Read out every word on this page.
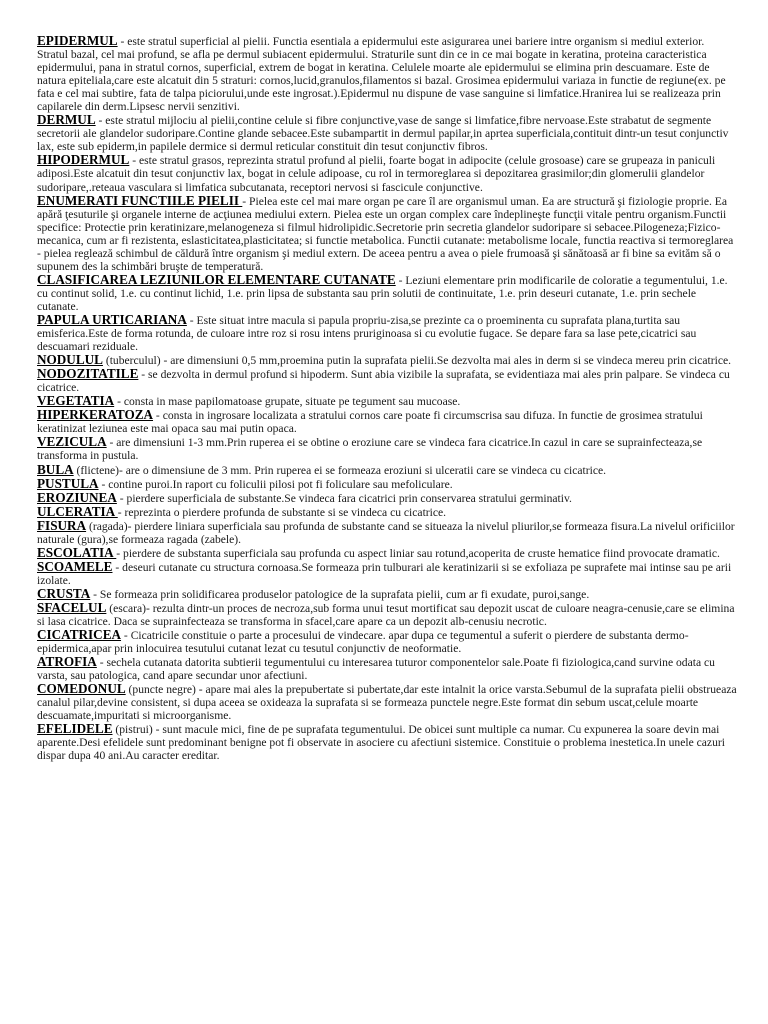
EPIDERMUL - este stratul superficial al pielii. Functia esentiala a epidermului este asigurarea unei bariere intre organism si mediul exterior. Stratul bazal, cel mai profund, se afla pe dermul subiacent epidermului. Straturile sunt din ce in ce mai bogate in keratina, proteina caracteristica epidermului, pana in stratul cornos, superficial, extrem de bogat in keratina. Celulele moarte ale epidermului se elimina prin descuamare. Este de natura epiteliala,care este alcatuit din 5 straturi: cornos,lucid,granulos,filamentos si bazal. Grosimea epidermului variaza in functie de regiune(ex. pe fata e cel mai subtire, fata de talpa piciorului,unde este ingrosat.).Epidermul nu dispune de vase sanguine si limfatice.Hranirea lui se realizeaza prin capilarele din derm.Lipsesc nervii senzitivi.

DERMUL - este stratul mijlociu al pielii,contine celule si fibre conjunctive,vase de sange si limfatice,fibre nervoase.Este strabatut de segmente secretorii ale glandelor sudoripare.Contine glande sebacee.Este subampartit in dermul papilar,in aprtea superficiala,contituit dintr-un tesut conjunctiv lax, este sub epiderm,in papilele dermice si dermul reticular constituit din tesut conjunctiv fibros.

HIPODERMUL - este stratul grasos, reprezinta stratul profund al pielii, foarte bogat in adipocite (celule grosoase) care se grupeaza in paniculi adiposi.Este alcatuit din tesut conjunctiv lax, bogat in celule adipoase, cu rol in termoreglarea si depozitarea grasimilor;din glomerulii glandelor sudoripare,.reteaua vasculara si limfatica subcutanata, receptori nervosi si fascicule conjunctive.

ENUMERATI FUNCTIILE PIELII - Pielea este cel mai mare organ pe care îl are organismul uman. Ea are structură şi fiziologie proprie. Ea apără ţesuturile şi organele interne de acţiunea mediului extern. Pielea este un organ complex care îndeplineşte funcţii vitale pentru organism.Functii specifice: Protectie prin keratinizare,melanogeneza si filmul hidrolipidic.Secretorie prin secretia glandelor sudoripare si sebacee.Pilogeneza;Fizico-mecanica, cum ar fi rezistenta, eslasticitatea,plasticitatea; si functie metabolica. Functii cutanate: metabolisme locale, functia reactiva si termoreglarea - pielea reglează schimbul de căldură între organism şi mediul extern. De aceea pentru a avea o piele frumoasă şi sănătoasă ar fi bine sa evităm să o supunem des la schimbări bruşte de temperatură.

CLASIFICAREA LEZIUNILOR ELEMENTARE CUTANATE - Leziuni elementare prin modificarile de coloratie a tegumentului, 1.e. cu continut solid, 1.e. cu continut lichid, 1.e. prin lipsa de substanta sau prin solutii de continuitate, 1.e. prin deseuri cutanate, 1.e. prin sechele cutanate.

PAPULA URTICARIANA - Este situat intre macula si papula propriu-zisa,se prezinte ca o proeminenta cu suprafata plana,turtita sau emisferica.Este de forma rotunda, de culoare intre roz si rosu intens pruriginoasa si cu evolutie fugace. Se depare fara sa lase pete,cicatrici sau descuamari reziduale.

NODULUL (tuberculul) - are dimensiuni 0,5 mm,proemina putin la suprafata pielii.Se dezvolta mai ales in derm si se vindeca mereu prin cicatrice.

NODOZITATILE - se dezvolta in dermul profund si hipoderm. Sunt abia vizibile la suprafata, se evidentiaza mai ales prin palpare. Se vindeca cu cicatrice.

VEGETATIA - consta in mase papilomatoase grupate, situate pe tegument sau mucoase.

HIPERKERATOZA - consta in ingrosare localizata a stratului cornos care poate fi circumscrisa sau difuza. In functie de grosimea stratului keratinizat leziunea este mai opaca sau mai putin opaca.

VEZICULA - are dimensiuni 1-3 mm.Prin ruperea ei se obtine o eroziune care se vindeca fara cicatrice.In cazul in care se suprainfecteaza,se transforma in pustula.

BULA (flictene)- are o dimensiune de 3 mm. Prin ruperea ei se formeaza eroziuni si ulceratii care se vindeca cu cicatrice.

PUSTULA - contine puroi.In raport cu foliculii pilosi pot fi foliculare sau mefoliculare.

EROZIUNEA - pierdere superficiala de substante.Se vindeca fara cicatrici prin conservarea stratului germinativ.

ULCERATIA - reprezinta o pierdere profunda de substante si se vindeca cu cicatrice.

FISURA (ragada)- pierdere liniara superficiala sau profunda de substante cand se situeaza la nivelul pliurilor,se formeaza fisura.La nivelul orificiilor naturale (gura),se formeaza ragada (zabele).

ESCOLATIA - pierdere de substanta superficiala sau profunda cu aspect liniar sau rotund,acoperita de cruste hematice fiind provocate dramatic.

SCOAMELE - deseuri cutanate cu structura cornoasa.Se formeaza prin tulburari ale keratinizarii si se exfoliaza pe suprafete mai intinse sau pe arii izolate.

CRUSTA - Se formeaza prin solidificarea produselor patologice de la suprafata pielii, cum ar fi exudate, puroi,sange.

SFACELUL (escara)- rezulta dintr-un proces de necroza,sub forma unui tesut mortificat sau depozit uscat de culoare neagra-cenusie,care se elimina si lasa cicatrice. Daca se suprainfecteaza se transforma in sfacel,care apare ca un depozit alb-cenusiu necrotic.

CICATRICEA - Cicatricile constituie o parte a procesului de vindecare. apar dupa ce tegumentul a suferit o pierdere de substanta dermo-epidermica,apar prin inlocuirea tesutului cutanat lezat cu tesutul conjunctiv de neoformatie.

ATROFIA - sechela cutanata datorita subtierii tegumentului cu interesarea tuturor componentelor sale.Poate fi fiziologica,cand survine odata cu varsta, sau patologica, cand apare secundar unor afectiuni.

COMEDONUL (puncte negre) - apare mai ales la prepubertate si pubertate,dar este intalnit la orice varsta.Sebumul de la suprafata pielii obstrueaza canalul pilar,devine consistent, si dupa aceea se oxideaza la suprafata si se formeaza punctele negre.Este format din sebum uscat,celule moarte descuamate,impuritati si microorganisme.

EFELIDELE (pistrui) - sunt macule mici, fine de pe suprafata tegumentului. De obicei sunt multiple ca numar. Cu expunerea la soare devin mai aparente.Desi efelidele sunt predominant benigne pot fi observate in asociere cu afectiuni sistemice. Constituie o problema inestetica.In unele cazuri dispar dupa 40 ani.Au caracter ereditar.
